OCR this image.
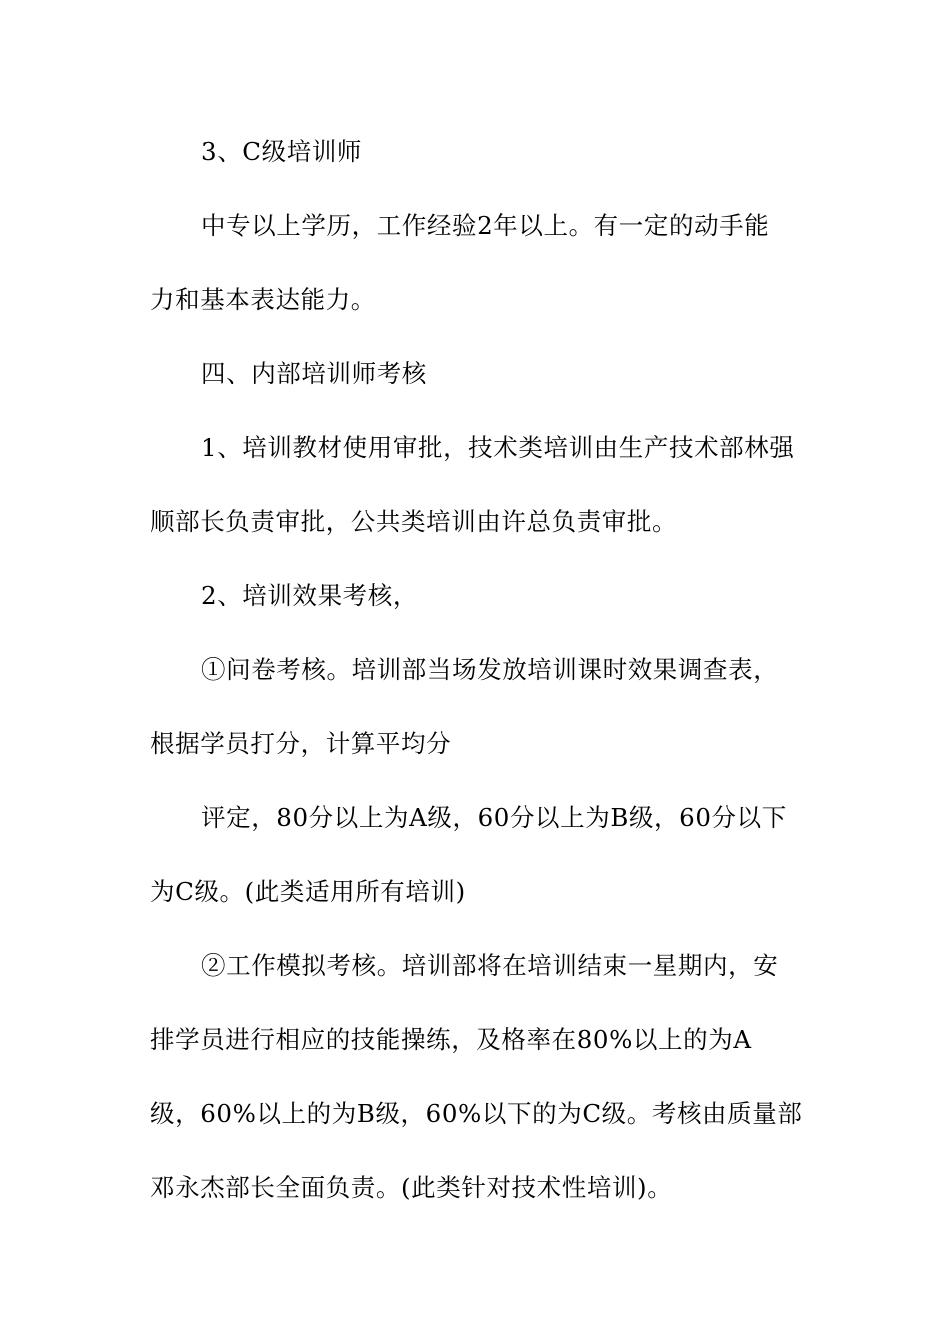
3、C级培训师

中专以上学历，工作经验2年以上。有一定的动手能

力和基本表达能力。

四、内部培训师考核

1、培训教材使用审批，技术类培训由生产技术部林强

顺部长负责审批，公共类培训由许总负责审批。

2、培训效果考核，

①问卷考核。培训部当场发放培训课时效果调查表，

根据学员打分，计算平均分

评定，80分以上为A级，60分以上为B级，60分以下

为C级。(此类适用所有培训)

②工作模拟考核。培训部将在培训结束一星期内，安

排学员进行相应的技能操练，及格率在80%以上的为A

级，60%以上的为B级，60%以下的为C级。考核由质量部

邓永杰部长全面负责。(此类针对技术性培训)。
